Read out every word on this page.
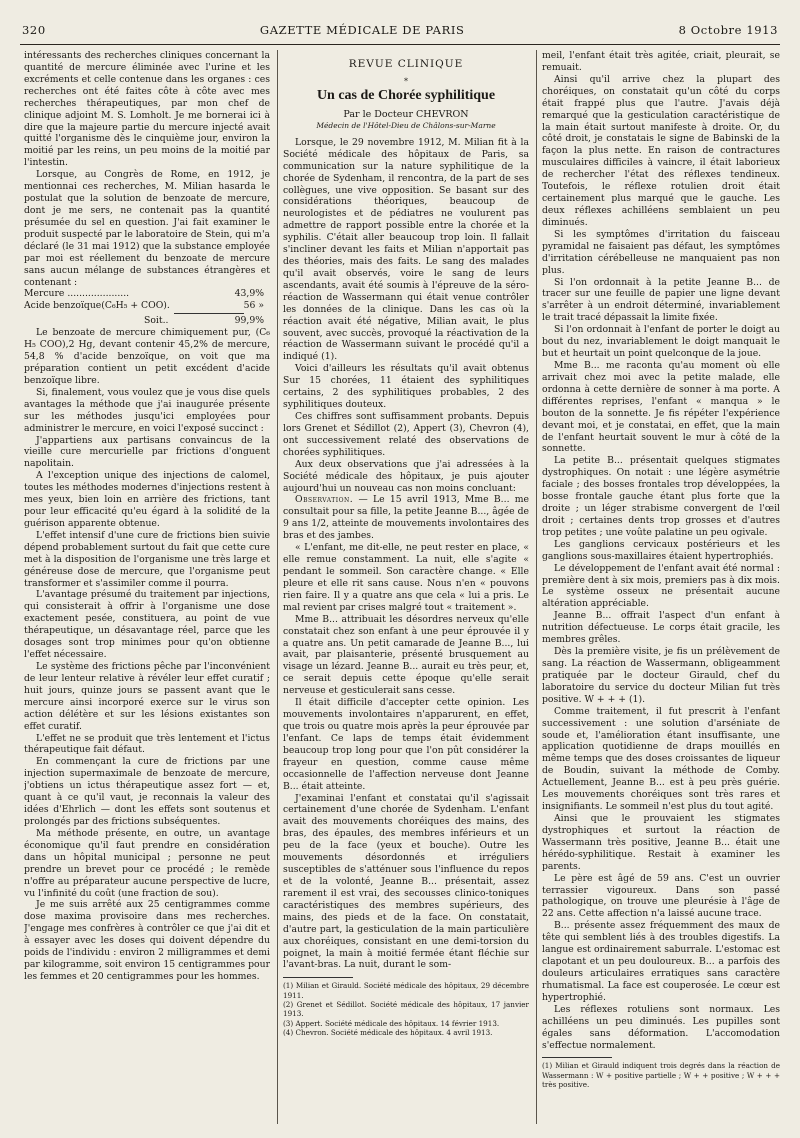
320	GAZETTE MÉDICALE DE PARIS	8 Octobre 1913

intéressants des recherches cliniques concernant la quantité de mercure éliminée avec l'urine et les excréments et celle contenue dans les organes : ces recherches ont été faites côte à côte avec mes recherches thérapeutiques, par mon chef de clinique adjoint M. S. Lomholt. Je me bornerai ici à dire que la majeure partie du mercure injecté avait quitté l'organisme dès le cinquième jour, environ la moitié par les reins, un peu moins de la moitié par l'intestin.

Lorsque, au Congrès de Rome, en 1912, je mentionnai ces recherches, M. Milian hasarda le postulat que la solution de benzoate de mercure, dont je me sers, ne contenait pas la quantité présumée du sel en question. J'ai fait examiner le produit suspecté par le laboratoire de Stein, qui m'a déclaré (le 31 mai 1912) que la substance employée par moi est réellement du benzoate de mercure sans aucun mélange de substances étrangères et contenant :

Mercure .....................	43,9%
Acide benzoïque(C₆H₅ + COO).	56 »
Soit..	99,9%

Le benzoate de mercure chimiquement pur, (C₆ H₅ COO),2 Hg, devant contenir 45,2% de mercure, 54,8 % d'acide benzoïque, on voit que ma préparation contient un petit excédent d'acide benzoïque libre.

Si, finalement, vous voulez que je vous dise quels avantages la méthode que j'ai inaugurée présente sur les méthodes jusqu'ici employées pour administrer le mercure, en voici l'exposé succinct :

J'appartiens aux partisans convaincus de la vieille cure mercurielle par frictions d'onguent napolitain.

A l'exception unique des injections de calomel, toutes les méthodes modernes d'injections restent à mes yeux, bien loin en arrière des frictions, tant pour leur efficacité qu'eu égard à la solidité de la guérison apparente obtenue.

L'effet intensif d'une cure de frictions bien suivie dépend probablement surtout du fait que cette cure met à la disposition de l'organisme une très large et généreuse dose de mercure, que l'organisme peut transformer et s'assimiler comme il pourra.

L'avantage présumé du traitement par injections, qui consisterait à offrir à l'organisme une dose exactement pesée, constituera, au point de vue thérapeutique, un désavantage réel, parce que les dosages sont trop minimes pour qu'on obtienne l'effet nécessaire.

Le système des frictions pêche par l'inconvénient de leur lenteur relative à révéler leur effet curatif ; huit jours, quinze jours se passent avant que le mercure ainsi incorporé exerce sur le virus son action délétère et sur les lésions existantes son effet curatif.

L'effet ne se produit que très lentement et l'ictus thérapeutique fait défaut.

En commençant la cure de frictions par une injection supermaximale de benzoate de mercure, j'obtiens un ictus thérapeutique assez fort — et, quant à ce qu'il vaut, je reconnais la valeur des idées d'Ehrlich — dont les effets sont soutenus et prolongés par des frictions subséquentes.

Ma méthode présente, en outre, un avantage économique qu'il faut prendre en considération dans un hôpital municipal ; personne ne peut prendre un brevet pour ce procédé ; le remède n'offre au préparateur aucune perspective de lucre, vu l'infinité du coût (une fraction de sou).

Je me suis arrêté aux 25 centigrammes comme dose maxima provisoire dans mes recherches. J'engage mes confrères à contrôler ce que j'ai dit et à essayer avec les doses qui doivent dépendre du poids de l'individu : environ 2 milligrammes et demi par kilogramme, soit environ 15 centigrammes pour les femmes et 20 centigrammes pour les hommes.

REVUE CLINIQUE
*
Un cas de Chorée syphilitique
Par le Docteur CHEVRON
Médecin de l'Hôtel-Dieu de Châlons-sur-Marne

Lorsque, le 29 novembre 1912, M. Milian fit à la Société médicale des hôpitaux de Paris, sa communication sur la nature syphilitique de la chorée de Sydenham, il rencontra, de la part de ses collègues, une vive opposition. Se basant sur des considérations théoriques, beaucoup de neurologistes et de pédiatres ne voulurent pas admettre de rapport possible entre la chorée et la syphilis. C'était aller beaucoup trop loin. Il fallait s'incliner devant les faits et Milian n'apportait pas des théories, mais des faits. Le sang des malades qu'il avait observés, voire le sang de leurs ascendants, avait été soumis à l'épreuve de la séro-réaction de Wassermann qui était venue contrôler les données de la clinique. Dans les cas où la réaction avait été négative, Milian avait, le plus souvent, avec succès, provoqué la réactivation de la réaction de Wassermann suivant le procédé qu'il a indiqué (1).

Voici d'ailleurs les résultats qu'il avait obtenus Sur 15 chorées, 11 étaient des syphilitiques certains, 2 des syphilitiques probables, 2 des syphilitiques douteux.

Ces chiffres sont suffisamment probants. Depuis lors Grenet et Sédillot (2), Appert (3), Chevron (4), ont successivement relaté des observations de chorées syphilitiques.

Aux deux observations que j'ai adressées à la Société médicale des hôpitaux, je puis ajouter aujourd'hui un nouveau cas non moins concluant:

Observation. — Le 15 avril 1913, Mme B... me consultait pour sa fille, la petite Jeanne B..., âgée de 9 ans 1/2, atteinte de mouvements involontaires des bras et des jambes.

« L'enfant, me dit-elle, ne peut rester en place, « elle remue constamment. La nuit, elle s'agite « pendant le sommeil. Son caractère change. « Elle pleure et elle rit sans cause. Nous n'en « pouvons rien faire. Il y a quatre ans que cela « lui a pris. Le mal revient par crises malgré tout « traitement ».

Mme B... attribuait les désordres nerveux qu'elle constatait chez son enfant à une peur éprouvée il y a quatre ans. Un petit camarade de Jeanne B..., lui avait, par plaisanterie, présenté brusquement au visage un lézard. Jeanne B... aurait eu très peur, et, ce serait depuis cette époque qu'elle serait nerveuse et gesticulerait sans cesse.

Il était difficile d'accepter cette opinion. Les mouvements involontaires n'apparurent, en effet, que trois ou quatre mois après la peur éprouvée par l'enfant. Ce laps de temps était évidemment beaucoup trop long pour que l'on pût considérer la frayeur en question, comme cause même occasionnelle de l'affection nerveuse dont Jeanne B... était atteinte.

J'examinai l'enfant et constatai qu'il s'agissait certainement d'une chorée de Sydenham. L'enfant avait des mouvements choréiques des mains, des bras, des épaules, des membres inférieurs et un peu de la face (yeux et bouche). Outre les mouvements désordonnés et irréguliers susceptibles de s'atténuer sous l'influence du repos et de la volonté, Jeanne B... présentait, assez rarement il est vrai, des secousses clinico-toniques caractéristiques des membres supérieurs, des mains, des pieds et de la face. On constatait, d'autre part, la gesticulation de la main particulière aux choréiques, consistant en une demi-torsion du poignet, la main à moitié fermée étant fléchie sur l'avant-bras. La nuit, durant le som-

(1) Milian et Girauld. Société médicale des hôpitaux, 29 décembre 1911.

(2) Grenet et Sédillot. Société médicale des hôpitaux, 17 janvier 1913.

(3) Appert. Société médicale des hôpitaux. 14 février 1913.

(4) Chevron. Société médicale des hôpitaux. 4 avril 1913.

meil, l'enfant était très agitée, criait, pleurait, se remuait.

Ainsi qu'il arrive chez la plupart des choréiques, on constatait qu'un côté du corps était frappé plus que l'autre. J'avais déjà remarqué que la gesticulation caractéristique de la main était surtout manifeste à droite. Or, du côté droit, je constatais le signe de Babinski de la façon la plus nette. En raison de contractures musculaires difficiles à vaincre, il était laborieux de rechercher l'état des réflexes tendineux. Toutefois, le réflexe rotulien droit était certainement plus marqué que le gauche. Les deux réflexes achilléens semblaient un peu diminués.

Si les symptômes d'irritation du faisceau pyramidal ne faisaient pas défaut, les symptômes d'irritation cérébelleuse ne manquaient pas non plus.

Si l'on ordonnait à la petite Jeanne B... de tracer sur une feuille de papier une ligne devant s'arrêter à un endroit déterminé, invariablement le trait tracé dépassait la limite fixée.

Si l'on ordonnait à l'enfant de porter le doigt au bout du nez, invariablement le doigt manquait le but et heurtait un point quelconque de la joue.

Mme B... me raconta qu'au moment où elle arrivait chez moi avec la petite malade, elle ordonna à cette dernière de sonner à ma porte. A différentes reprises, l'enfant « manqua » le bouton de la sonnette. Je fis répéter l'expérience devant moi, et je constatai, en effet, que la main de l'enfant heurtait souvent le mur à côté de la sonnette.

La petite B... présentait quelques stigmates dystrophiques. On notait : une légère asymétrie faciale ; des bosses frontales trop développées, la bosse frontale gauche étant plus forte que la droite ; un léger strabisme convergent de l'œil droit ; certaines dents trop grosses et d'autres trop petites ; une voûte palatine un peu ogivale.

Les ganglions cervicaux postérieurs et les ganglions sous-maxillaires étaient hypertrophiés.

Le développement de l'enfant avait été normal : première dent à six mois, premiers pas à dix mois. Le système osseux ne présentait aucune altération appréciable.

Jeanne B... offrait l'aspect d'un enfant à nutrition défectueuse. Le corps était gracile, les membres grêles.

Dès la première visite, je fis un prélèvement de sang. La réaction de Wassermann, obligeamment pratiquée par le docteur Girauld, chef du laboratoire du service du docteur Milian fut très positive. W + + + (1).

Comme traitement, il fut prescrit à l'enfant successivement : une solution d'arséniate de soude et, l'amélioration étant insuffisante, une application quotidienne de draps mouillés en même temps que des doses croissantes de liqueur de Boudin, suivant la méthode de Comby. Actuellement, Jeanne B... est à peu près guérie. Les mouvements choréiques sont très rares et insignifiants. Le sommeil n'est plus du tout agité.

Ainsi que le prouvaient les stigmates dystrophiques et surtout la réaction de Wassermann très positive, Jeanne B... était une hérédo-syphilitique. Restait à examiner les parents.

Le père est âgé de 59 ans. C'est un ouvrier terrassier vigoureux. Dans son passé pathologique, on trouve une pleurésie à l'âge de 22 ans. Cette affection n'a laissé aucune trace.

B... présente assez fréquemment des maux de tête qui semblent liés à des troubles digestifs. La langue est ordinairement saburrale. L'estomac est clapotant et un peu douloureux. B... a parfois des douleurs articulaires erratiques sans caractère rhumatismal. La face est couperosée. Le cœur est hypertrophié.

Les réflexes rotuliens sont normaux. Les achilléens un peu diminués. Les pupilles sont égales sans déformation. L'accomodation s'effectue normalement.

(1) Milian et Girauld indiquent trois degrés dans la réaction de Wassermann : W + positive partielle ; W + + positive ; W + + + très positive.
